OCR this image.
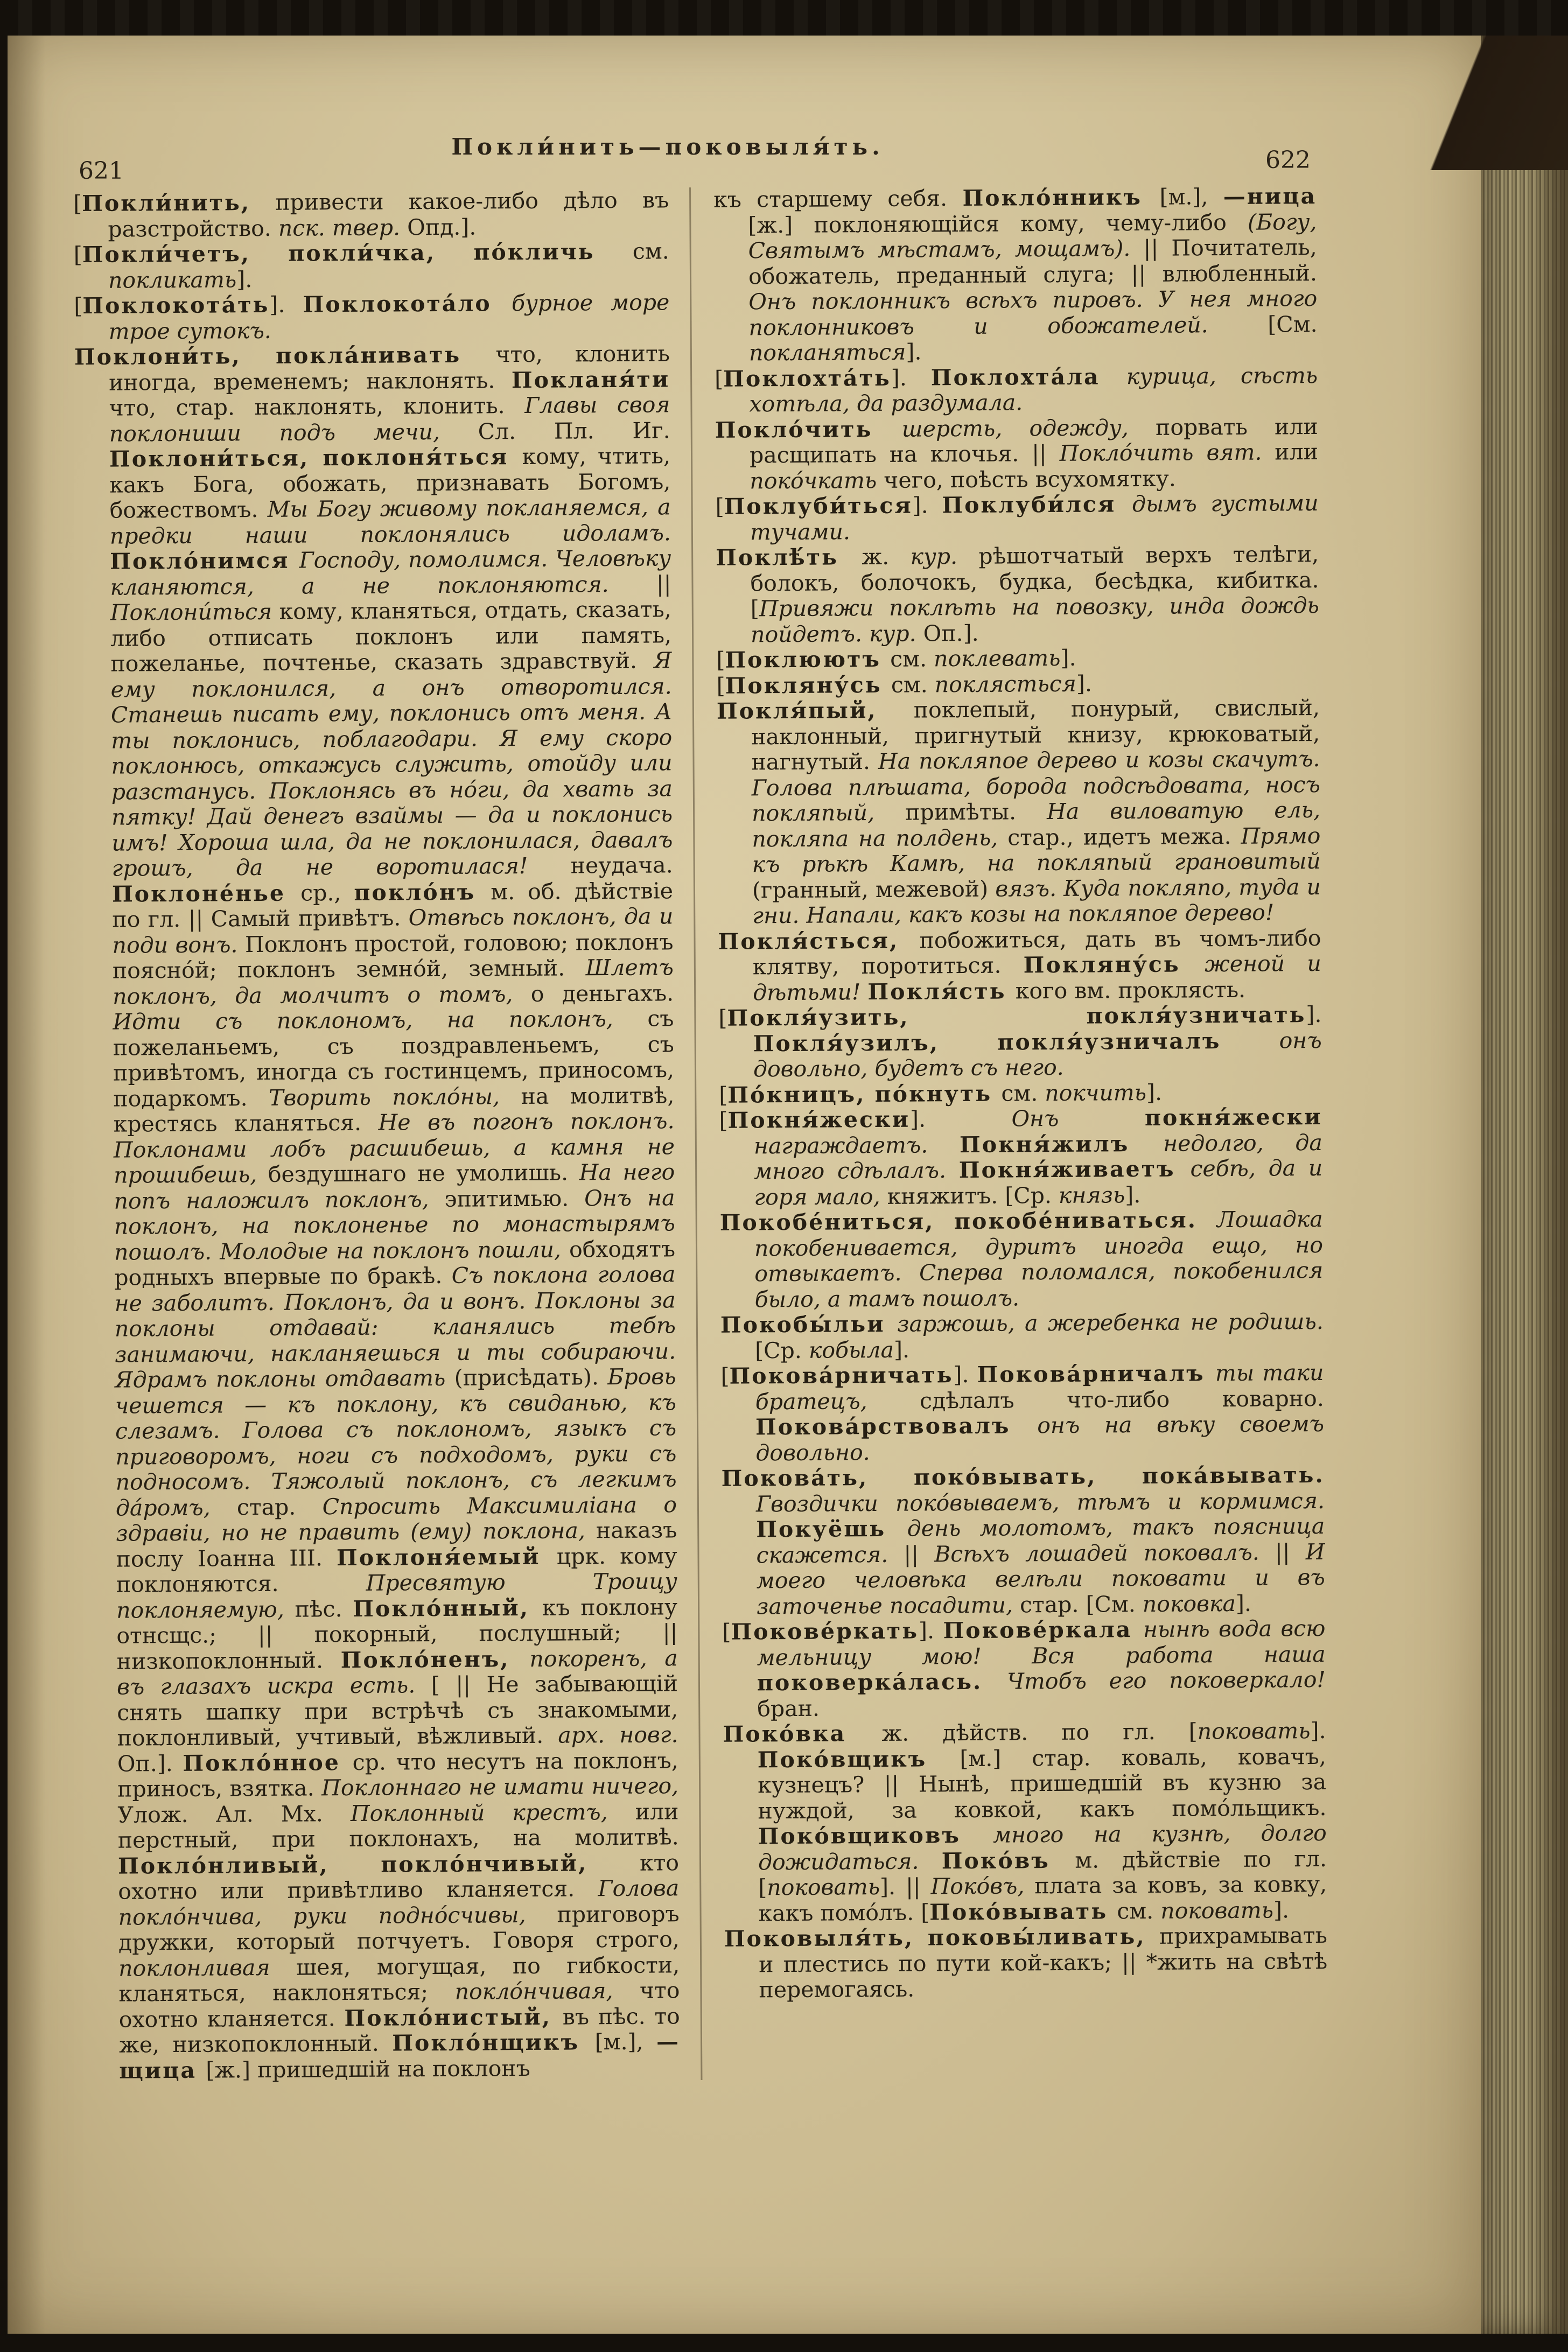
621
Покли́нить—поковыля́ть.	622

[Покли́нить, привести какое-либо дѣло въ разстройство. пск. твер. Опд.].

[Покли́четъ, покли́чка, по́кличь см. покликать].

[Поклокота́ть]. Поклокота́ло бурное море трое сутокъ.

Поклони́ть, покла́нивать что, клонить иногда, временемъ; наклонять. Покланя́ти что, стар. наклонять, клонить. Главы своя поклониши подъ мечи, Сл. Пл. Иг. Поклони́ться, поклоня́ться кому, чтить, какъ Бога, обожать, признавать Богомъ, божествомъ. Мы Богу живому покланяемся, а предки наши поклонялись идоламъ. Покло́нимся Господу, помолимся. Человѣку кланяются, а не поклоняются. || Поклони́ться кому, кланяться, отдать, сказать, либо отписать поклонъ или память, пожеланье, почтенье, сказать здравствуй. Я ему поклонился, а онъ отворотился. Станешь писать ему, поклонись отъ меня. А ты поклонись, поблагодари. Я ему скоро поклонюсь, откажусь служить, отойду или разстанусь. Поклонясь въ но́ги, да хвать за пятку! Дай денегъ взаймы — да и поклонись имъ! Хороша шла, да не поклонилася, давалъ грошъ, да не воротилася! неудача. Поклоне́нье ср., покло́нъ м. об. дѣйствіе по гл. || Самый привѣтъ. Отвѣсь поклонъ, да и поди вонъ. Поклонъ простой, головою; поклонъ поясно́й; поклонъ земно́й, земный. Шлетъ поклонъ, да молчитъ о томъ, о деньгахъ. Идти съ поклономъ, на поклонъ, съ пожеланьемъ, съ поздравленьемъ, съ привѣтомъ, иногда съ гостинцемъ, приносомъ, подаркомъ. Творить покло́ны, на молитвѣ, крестясь кланяться. Не въ погонъ поклонъ. Поклонами лобъ расшибешь, а камня не прошибешь, бездушнаго не умолишь. На него попъ наложилъ поклонъ, эпитимью. Онъ на поклонъ, на поклоненье по монастырямъ пошолъ. Молодые на поклонъ пошли, обходятъ родныхъ впервые по бракѣ. Съ поклона голова не заболитъ. Поклонъ, да и вонъ. Поклоны за поклоны отдавай: кланялись тебѣ занимаючи, накланяешься и ты собираючи. Ядрамъ поклоны отдавать (присѣдать). Бровь чешется — къ поклону, къ свиданью, къ слезамъ. Голова съ поклономъ, языкъ съ приговоромъ, ноги съ подходомъ, руки съ подносомъ. Тяжолый поклонъ, съ легкимъ да́ромъ, стар. Спросить Максимиліана о здравіи, но не править (ему) поклона, наказъ послу Іоанна III. Поклоня́емый црк. кому поклоняются. Пресвятую Троицу поклоняемую, пѣс. Покло́нный, къ поклону отнсщс.; || покорный, послушный; || низкопоклонный. Покло́ненъ, покоренъ, а въ глазахъ искра есть. [ || Не забывающій снять шапку при встрѣчѣ съ знакомыми, поклонливый, учтивый, вѣжливый. арх. новг. Оп.]. Покло́нное ср. что несутъ на поклонъ, приносъ, взятка. Поклоннаго не имати ничего, Улож. Ал. Мх. Поклонный крестъ, или перстный, при поклонахъ, на молитвѣ. Покло́нливый, покло́нчивый, кто охотно или привѣтливо кланяется. Голова покло́нчива, руки подно́счивы, приговоръ дружки, который потчуетъ. Говоря строго, поклонливая шея, могущая, по гибкости, кланяться, наклоняться; покло́нчивая, что охотно кланяется. Покло́нистый, въ пѣс. то же, низкопоклонный. Покло́нщикъ [м.], —щица [ж.] пришедшій на поклонъ

къ старшему себя. Покло́нникъ [м.], —ница [ж.] поклоняющійся кому, чему-либо (Богу, Святымъ мѣстамъ, мощамъ). || Почитатель, обожатель, преданный слуга; || влюбленный. Онъ поклонникъ всѣхъ пировъ. У нея много поклонниковъ и обожателей. [См. покланяться].

[Поклохта́ть]. Поклохта́ла курица, сѣсть хотѣла, да раздумала.

Покло́чить шерсть, одежду, порвать или расщипать на клочья. || Покло́чить вят. или поко́чкать чего, поѣсть всухомятку.

[Поклуби́ться]. Поклуби́лся дымъ густыми тучами.

Поклѣ́ть ж. кур. рѣшотчатый верхъ телѣги, болокъ, болочокъ, будка, бесѣдка, кибитка. [Привяжи поклѣть на повозку, инда дождь пойдетъ. кур. Оп.].

[Поклюютъ см. поклевать].

[Покляну́сь см. поклясться].

Покля́пый, поклепый, понурый, свислый, наклонный, пригнутый книзу, крюковатый, нагнутый. На покляпое дерево и козы скачутъ. Голова плѣшата, борода подсѣдовата, носъ покляпый, примѣты. На виловатую ель, покляпа на полдень, стар., идетъ межа. Прямо къ рѣкѣ Камѣ, на покляпый грановитый (гранный, межевой) вязъ. Куда покляпо, туда и гни. Напали, какъ козы на покляпое дерево!

Покля́сться, побожиться, дать въ чомъ-либо клятву, поротиться. Покляну́сь женой и дѣтьми! Покля́сть кого вм. проклясть.

[Покля́узить, покля́узничать]. Покля́узилъ, покля́узничалъ онъ довольно, будетъ съ него.

[По́кницъ, по́кнуть см. покчить].

[Покня́жески]. Онъ покня́жески награждаетъ. Покня́жилъ недолго, да много сдѣлалъ. Покня́живаетъ себѣ, да и горя мало, княжитъ. [Ср. князь].

Покобе́ниться, покобе́ниваться. Лошадка покобенивается, дуритъ иногда ещо, но отвыкаетъ. Сперва поломался, покобенился было, а тамъ пошолъ.

Покобы́льи заржошь, а жеребенка не родишь. [Ср. кобыла].

[Покова́рничать]. Покова́рничалъ ты таки братецъ, сдѣлалъ что-либо коварно. Покова́рствовалъ онъ на вѣку своемъ довольно.

Покова́ть, поко́вывать, пока́вывать. Гвоздички поко́вываемъ, тѣмъ и кормимся. Покуёшь день молотомъ, такъ поясница скажется. || Всѣхъ лошадей поковалъ. || И моего человѣка велѣли поковати и въ заточенье посадити, стар. [См. поковка].

[Покове́ркать]. Покове́ркала нынѣ вода всю мельницу мою! Вся работа наша поковерка́лась. Чтобъ его поковеркало! бран.

Поко́вка ж. дѣйств. по гл. [поковать]. Поко́вщикъ [м.] стар. коваль, ковачъ, кузнецъ? || Нынѣ, пришедшій въ кузню за нуждой, за ковкой, какъ помо́льщикъ. Поко́вщиковъ много на кузнѣ, долго дожидаться. Поко́въ м. дѣйствіе по гл. [поковать]. || Поко́въ, плата за ковъ, за ковку, какъ помо́лъ. [Поко́вывать см. поковать].

Поковыля́ть, поковы́ливать, прихрамывать и плестись по пути кой-какъ; || *жить на свѣтѣ перемогаясь.
